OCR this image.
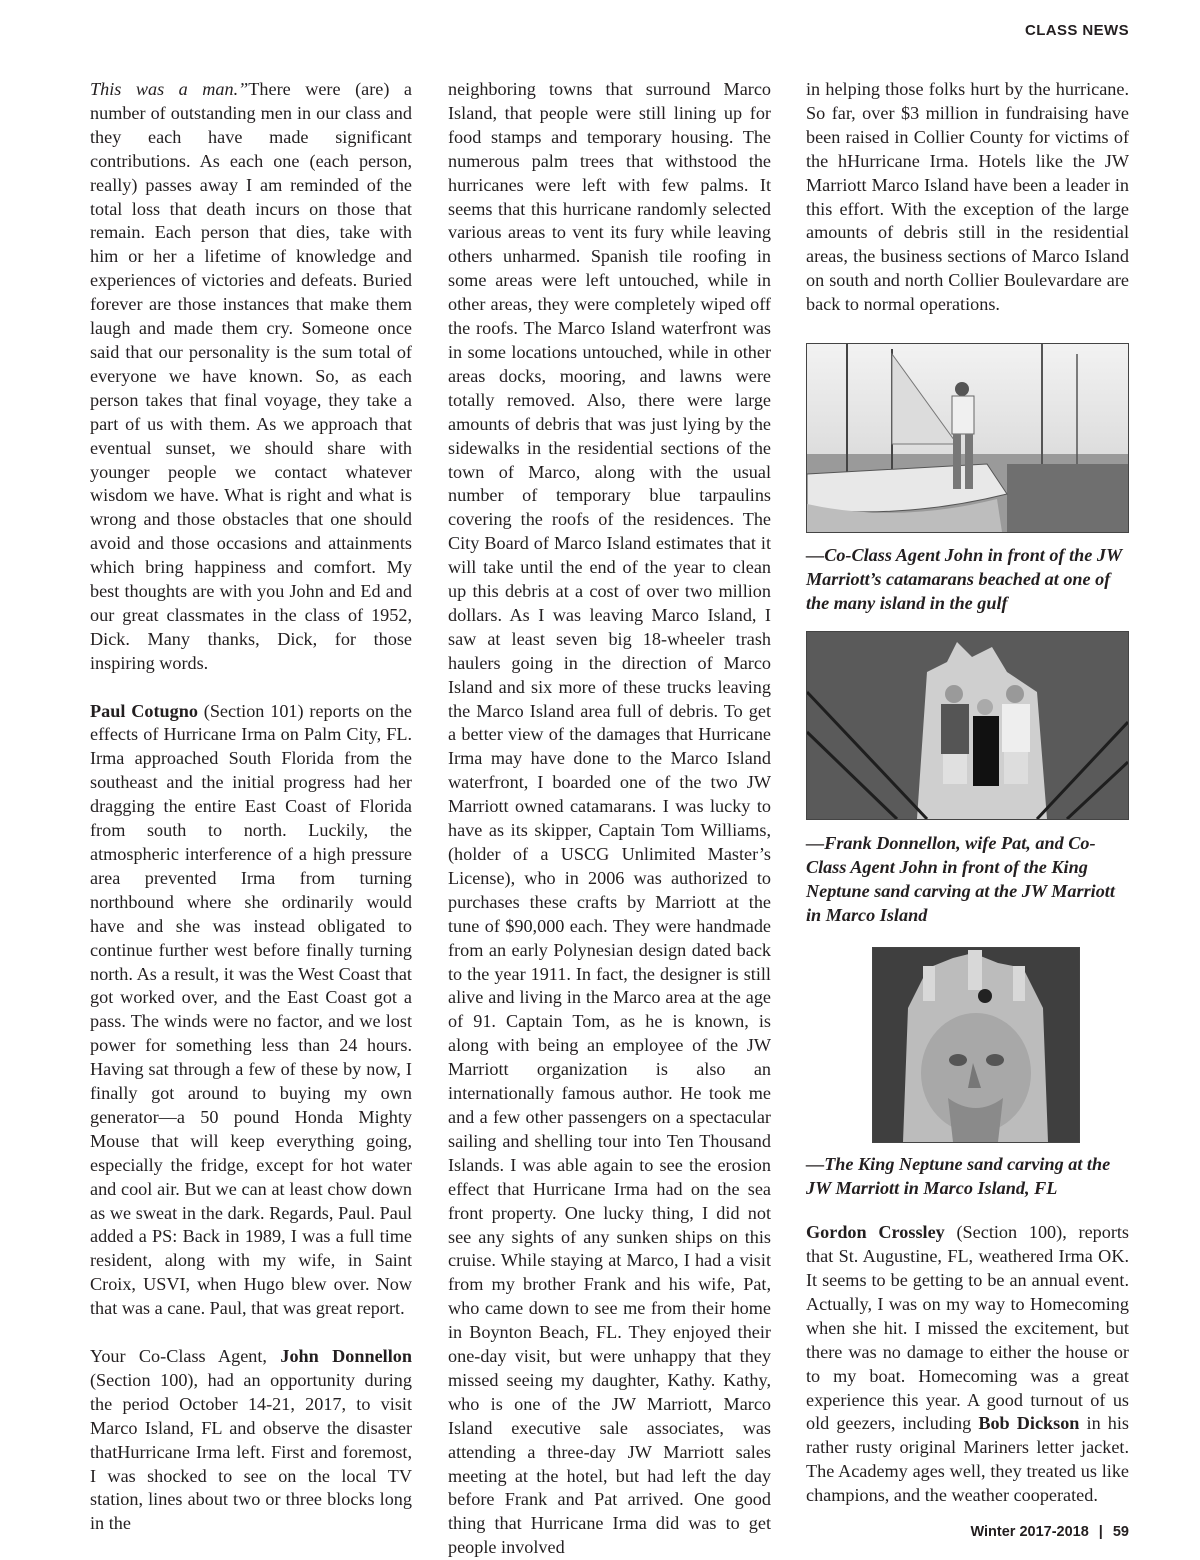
CLASS NEWS

This was a man.”There were (are) a number of outstanding men in our class and they each have made significant contributions. As each one (each person, really) passes away I am reminded of the total loss that death incurs on those that remain. Each person that dies, take with him or her a lifetime of knowledge and experiences of victories and defeats. Buried forever are those instances that make them laugh and made them cry. Someone once said that our personality is the sum total of everyone we have known. So, as each person takes that final voyage, they take a part of us with them. As we approach that eventual sunset, we should share with younger people we contact whatever wisdom we have. What is right and what is wrong and those obstacles that one should avoid and those occasions and attainments which bring happiness and comfort. My best thoughts are with you John and Ed and our great classmates in the class of 1952, Dick. Many thanks, Dick, for those inspiring words.

Paul Cotugno (Section 101) reports on the effects of Hurricane Irma on Palm City, FL. Irma approached South Florida from the southeast and the initial progress had her dragging the entire East Coast of Florida from south to north. Luckily, the atmospheric interference of a high pressure area prevented Irma from turning northbound where she ordinarily would have and she was instead obligated to continue further west before finally turning north. As a result, it was the West Coast that got worked over, and the East Coast got a pass. The winds were no factor, and we lost power for something less than 24 hours. Having sat through a few of these by now, I finally got around to buying my own generator—a 50 pound Honda Mighty Mouse that will keep everything going, especially the fridge, except for hot water and cool air. But we can at least chow down as we sweat in the dark. Regards, Paul. Paul added a PS: Back in 1989, I was a full time resident, along with my wife, in Saint Croix, USVI, when Hugo blew over. Now that was a cane. Paul, that was great report.

Your Co-Class Agent, John Donnellon (Section 100), had an opportunity during the period October 14-21, 2017, to visit Marco Island, FL and observe the disaster thatHurricane Irma left. First and foremost, I was shocked to see on the local TV station, lines about two or three blocks long in the

neighboring towns that surround Marco Island, that people were still lining up for food stamps and temporary housing. The numerous palm trees that withstood the hurricanes were left with few palms. It seems that this hurricane randomly selected various areas to vent its fury while leaving others unharmed. Spanish tile roofing in some areas were left untouched, while in other areas, they were completely wiped off the roofs. The Marco Island waterfront was in some locations untouched, while in other areas docks, mooring, and lawns were totally removed. Also, there were large amounts of debris that was just lying by the sidewalks in the residential sections of the town of Marco, along with the usual number of temporary blue tarpaulins covering the roofs of the residences. The City Board of Marco Island estimates that it will take until the end of the year to clean up this debris at a cost of over two million dollars. As I was leaving Marco Island, I saw at least seven big 18-wheeler trash haulers going in the direction of Marco Island and six more of these trucks leaving the Marco Island area full of debris. To get a better view of the damages that Hurricane Irma may have done to the Marco Island waterfront, I boarded one of the two JW Marriott owned catamarans. I was lucky to have as its skipper, Captain Tom Williams, (holder of a USCG Unlimited Master’s License), who in 2006 was authorized to purchases these crafts by Marriott at the tune of $90,000 each. They were handmade from an early Polynesian design dated back to the year 1911. In fact, the designer is still alive and living in the Marco area at the age of 91. Captain Tom, as he is known, is along with being an employee of the JW Marriott organization is also an internationally famous author. He took me and a few other passengers on a spectacular sailing and shelling tour into Ten Thousand Islands. I was able again to see the erosion effect that Hurricane Irma had on the sea front property. One lucky thing, I did not see any sights of any sunken ships on this cruise. While staying at Marco, I had a visit from my brother Frank and his wife, Pat, who came down to see me from their home in Boynton Beach, FL. They enjoyed their one-day visit, but were unhappy that they missed seeing my daughter, Kathy. Kathy, who is one of the JW Marriott, Marco Island executive sale associates, was attending a three-day JW Marriott sales meeting at the hotel, but had left the day before Frank and Pat arrived. One good thing that Hurricane Irma did was to get people involved

in helping those folks hurt by the hurricane. So far, over $3 million in fundraising have been raised in Collier County for victims of the hHurricane Irma. Hotels like the JW Marriott Marco Island have been a leader in this effort. With the exception of the large amounts of debris still in the residential areas, the business sections of Marco Island on south and north Collier Boulevardare are back to normal operations.

—Co-Class Agent John in front of the JW Marriott’s catamarans beached at one of the many island in the gulf

—Frank Donnellon, wife Pat, and Co-Class Agent John in front of the King Neptune sand carving at the JW Marriott in Marco Island

—The King Neptune sand carving at the JW Marriott in Marco Island, FL

Gordon Crossley (Section 100), reports that St. Augustine, FL, weathered Irma OK. It seems to be getting to be an annual event. Actually, I was on my way to Homecoming when she hit. I missed the excitement, but there was no damage to either the house or to my boat. Homecoming was a great experience this year. A good turnout of us old geezers, including Bob Dickson in his rather rusty original Mariners letter jacket. The Academy ages well, they treated us like champions, and the weather cooperated.

Winter 2017-2018 | 59
